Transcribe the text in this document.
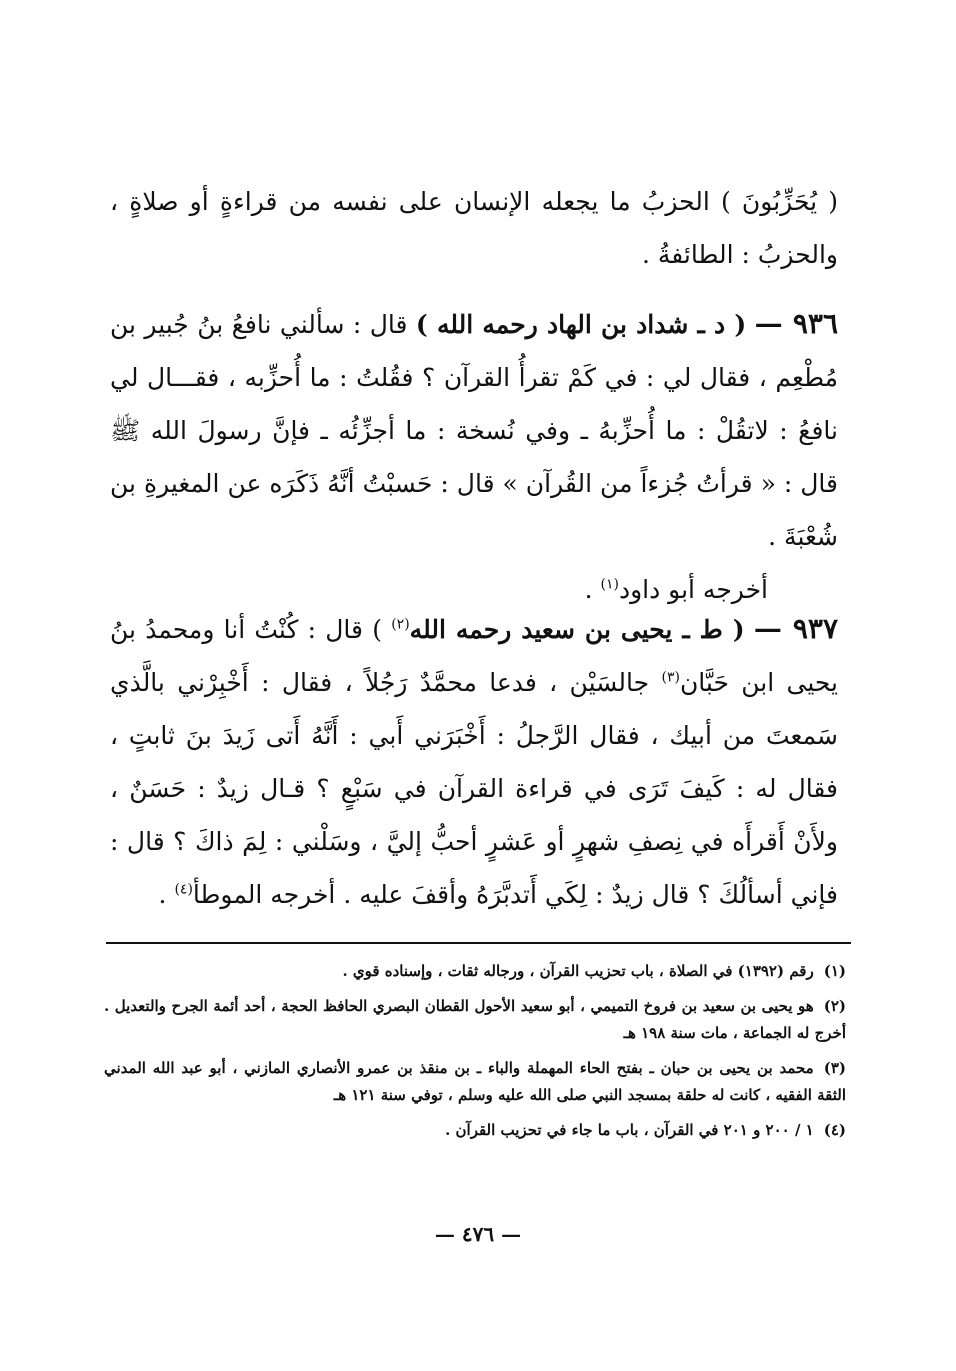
( يُحَزِّبُونَ ) الحزبُ ما يجعله الإنسان على نفسه من قراءةٍ أو صلاةٍ ، والحزبُ : الطائفةُ .

٩٣٦ — ( د ـ شداد بن الهاد رحمه الله ) قال : سألني نافعُ بنُ جُبير بن مُطْعِم ، فقال لي : في كَمْ تقرأُ القرآن ؟ فقُلتُ : ما أُحزِّبه ، فقـــال لي نافعُ : لاتقُلْ : ما أُحزِّبهُ ـ وفي نُسخة : ما أجزِّئُه ـ فإنَّ رسولَ الله ﷺ قال : « قرأتُ جُزءاً من القُرآن » قال : حَسبْتُ أنَّهُ ذَكَرَه عن المغيرةِ بن شُعْبَةَ .
أخرجه أبو داود$^{(١)}$ .

٩٣٧ — ( ط ـ يحيى بن سعيد رحمه الله$^{(٢)}$ ) قال : كُنْتُ أنا ومحمدُ بنُ يحيى ابن حَبَّان$^{(٣)}$ جالسَيْن ، فدعا محمَّدٌ رَجُلاً ، فقال : أَخْبِرْني بالَّذي سَمعتَ من أبيك ، فقال الرَّجلُ : أَخْبَرَني أَبي : أَنَّهُ أَتى زَيدَ بنَ ثابتٍ ، فقال له : كَيفَ تَرَى في قراءة القرآن في سَبْعٍ ؟ قـال زيدٌ : حَسَنٌ ، ولأَنْ أَقرأَه في نِصفِ شهرٍ أو عَشرٍ أحبُّ إليَّ ، وسَلْني : لِمَ ذاكَ ؟ قال : فإني أسألُكَ ؟ قال زيدٌ : لِكَي أَتدبَّرَهُ وأقفَ عليه . أخرجه الموطأ$^{(٤)}$ .

(١)رقم (١٣٩٢) في الصلاة ، باب تحزيب القرآن ، ورجاله ثقات ، وإسناده قوي .

(٢)هو يحيى بن سعيد بن فروخ التميمي ، أبو سعيد الأحول القطان البصري الحافظ الحجة ، أحد أئمة الجرح والتعديل . أخرج له الجماعة ، مات سنة ١٩٨ هـ

(٣)محمد بن يحيى بن حبان ـ بفتح الحاء المهملة والباء ـ بن منقذ بن عمرو الأنصاري المازني ، أبو عبد الله المدني الثقة الفقيه ، كانت له حلقة بمسجد النبي صلى الله عليه وسلم ، توفي سنة ١٢١ هـ

(٤)١ / ٢٠٠ و ٢٠١ في القرآن ، باب ما جاء في تحزيب القرآن .

— ٤٧٦ —
